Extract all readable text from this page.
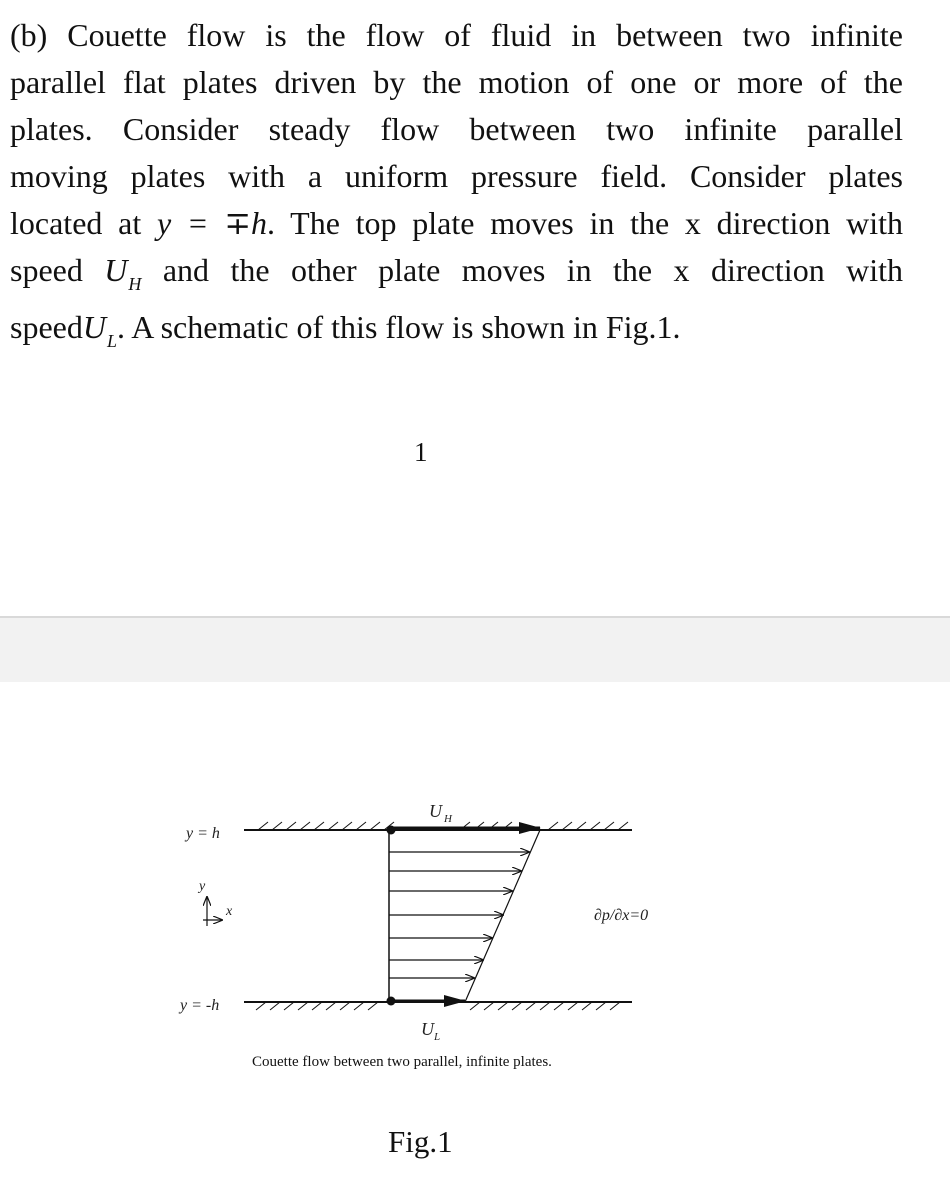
(b) Couette flow is the flow of fluid in between two infinite
parallel flat plates driven by the motion of one or more of the
plates. Consider steady flow between two infinite parallel
moving plates with a uniform pressure field. Consider plates
located at y = ∓h. The top plate moves in the x direction with
speed $U_H$ and the other plate moves in the x direction with
speedU$_L$. A schematic of this flow is shown in Fig.1.

1
y = h
y = -h
y
x
U H
U L
∂p/∂x=0
Couette flow between two parallel, infinite plates.
Fig.1
